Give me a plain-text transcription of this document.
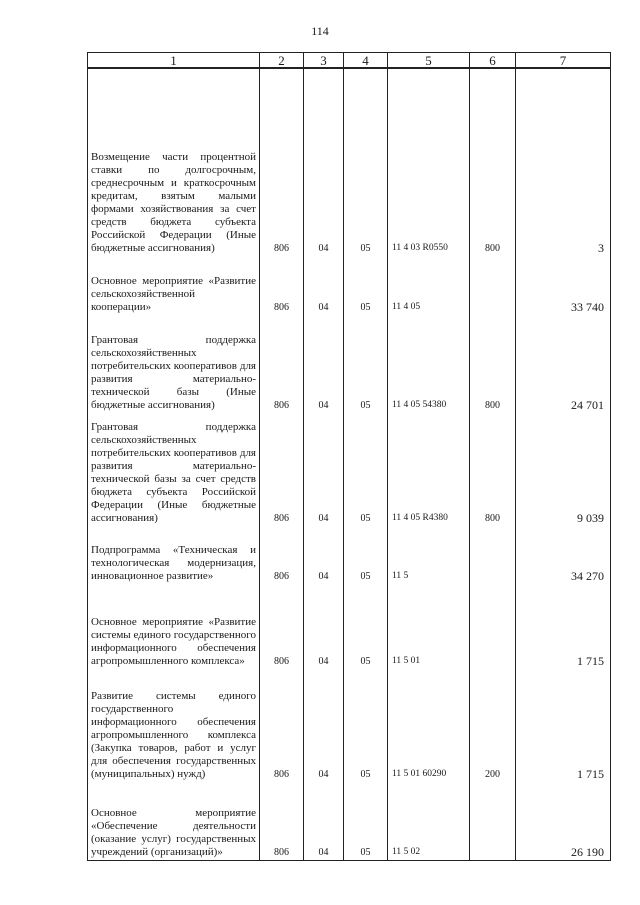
114
1	2	3	4	5	6	7
Возмещение части процентной ставки по долгосрочным, среднесрочным и краткосрочным кредитам, взятым малыми формами хозяйствования за счет средств бюджета субъекта Российской Федерации (Иные бюджетные ассигнования)	806	04	05	11 4 03 R0550	800	3
Основное мероприятие «Развитие сельскохозяйственной кооперации»	806	04	05	11 4 05		33 740
Грантовая поддержка сельскохозяйственных потребительских кооперативов для развития материально-технической базы (Иные бюджетные ассигнования)	806	04	05	11 4 05 54380	800	24 701
Грантовая поддержка сельскохозяйственных потребительских кооперативов для развития материально-технической базы за счет средств бюджета субъекта Российской Федерации (Иные бюджетные ассигнования)	806	04	05	11 4 05 R4380	800	9 039
Подпрограмма «Техническая и технологическая модернизация, инновационное развитие»	806	04	05	11 5		34 270
Основное мероприятие «Развитие системы единого государственного информационного обеспечения агропромышленного комплекса»	806	04	05	11 5 01		1 715
Развитие системы единого государственного информационного обеспечения агропромышленного комплекса (Закупка товаров, работ и услуг для обеспечения государственных (муниципальных) нужд)	806	04	05	11 5 01 60290	200	1 715
Основное мероприятие «Обеспечение деятельности (оказание услуг) государственных учреждений (организаций)»	806	04	05	11 5 02		26 190
